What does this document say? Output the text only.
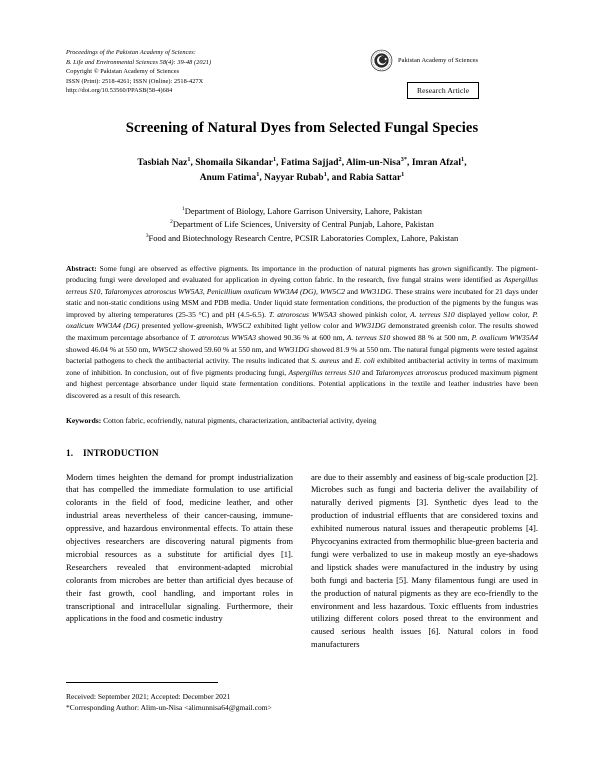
Proceedings of the Pakistan Academy of Sciences:
B. Life and Environmental Sciences 58(4): 39-48 (2021)
Copyright © Pakistan Academy of Sciences
ISSN (Print): 2518-4261; ISSN (Online): 2518-427X
http://doi.org/10.53560/PPASB(58-4)684
Pakistan Academy of Sciences
Research Article
Screening of Natural Dyes from Selected Fungal Species
Tasbiah Naz$^1$, Shomaila Sikandar$^1$, Fatima Sajjad$^2$, Alim-un-Nisa$^{3*}$, Imran Afzal$^1$,
Anum Fatima$^1$, Nayyar Rubab$^1$, and Rabia Sattar$^1$
$^1$Department of Biology, Lahore Garrison University, Lahore, Pakistan
$^2$Department of Life Sciences, University of Central Punjab, Lahore, Pakistan
$^3$Food and Biotechnology Research Centre, PCSIR Laboratories Complex, Lahore, Pakistan
Abstract: Some fungi are observed as effective pigments. Its importance in the production of natural pigments has grown significantly. The pigment-producing fungi were developed and evaluated for application in dyeing cotton fabric. In the research, five fungal strains were identified as Aspergillus terreus S10, Talaromyces atroroscus WW5A3, Penicillium oxalicum WW3A4 (DG), WW5C2 and WW31DG. These strains were incubated for 21 days under static and non-static conditions using MSM and PDB media. Under liquid state fermentation conditions, the production of the pigments by the fungus was improved by altering temperatures (25-35 °C) and pH (4.5-6.5). T. atroroscus WW5A3 showed pinkish color, A. terreus S10 displayed yellow color, P. oxalicum WW3A4 (DG) presented yellow-greenish, WW5C2 exhibited light yellow color and WW31DG demonstrated greenish color. The results showed the maximum percentage absorbance of T. atrorotcus WW5A3 showed 90.36 % at 600 nm, A. terreus S10 showed 88 % at 500 nm, P. oxalicum WW35A4 showed 46.04 % at 550 nm, WW5C2 showed 59.60 % at 550 nm, and WW31DG showed 81.9 % at 550 nm. The natural fungal pigments were tested against bacterial pathogens to check the antibacterial activity. The results indicated that S. aureus and E. coli exhibited antibacterial activity in terms of maximum zone of inhibition. In conclusion, out of five pigments producing fungi, Aspergillus terreus S10 and Talaromyces atroroscus produced maximum pigment and highest percentage absorbance under liquid state fermentation conditions. Potential applications in the textile and leather industries have been discovered as a result of this research.
Keywords: Cotton fabric, ecofriendly, natural pigments, characterization, antibacterial activity, dyeing
1. INTRODUCTION

Modern times heighten the demand for prompt industrialization that has compelled the immediate formulation to use artificial colorants in the field of food, medicine leather, and other industrial areas nevertheless of their cancer-causing, immune-oppressive, and hazardous environmental effects. To attain these objectives researchers are discovering natural pigments from microbial resources as a substitute for artificial dyes [1]. Researchers revealed that environment-adapted microbial colorants from microbes are better than artificial dyes because of their fast growth, cool handling, and important roles in transcriptional and intracellular signaling. Furthermore, their applications in the food and cosmetic industry

are due to their assembly and easiness of big-scale production [2]. Microbes such as fungi and bacteria deliver the availability of naturally derived pigments [3]. Synthetic dyes lead to the production of industrial effluents that are considered toxins and exhibited numerous natural issues and therapeutic problems [4]. Phycocyanins extracted from thermophilic blue-green bacteria and fungi were verbalized to use in makeup mostly an eye-shadows and lipstick shades were manufactured in the industry by using both fungi and bacteria [5]. Many filamentous fungi are used in the production of natural pigments as they are eco-friendly to the environment and less hazardous. Toxic effluents from industries utilizing different colors posed threat to the environment and caused serious health issues [6]. Natural colors in food manufacturers

Received: September 2021; Accepted: December 2021
*Corresponding Author: Alim-un-Nisa <alimunnisa64@gmail.com>
